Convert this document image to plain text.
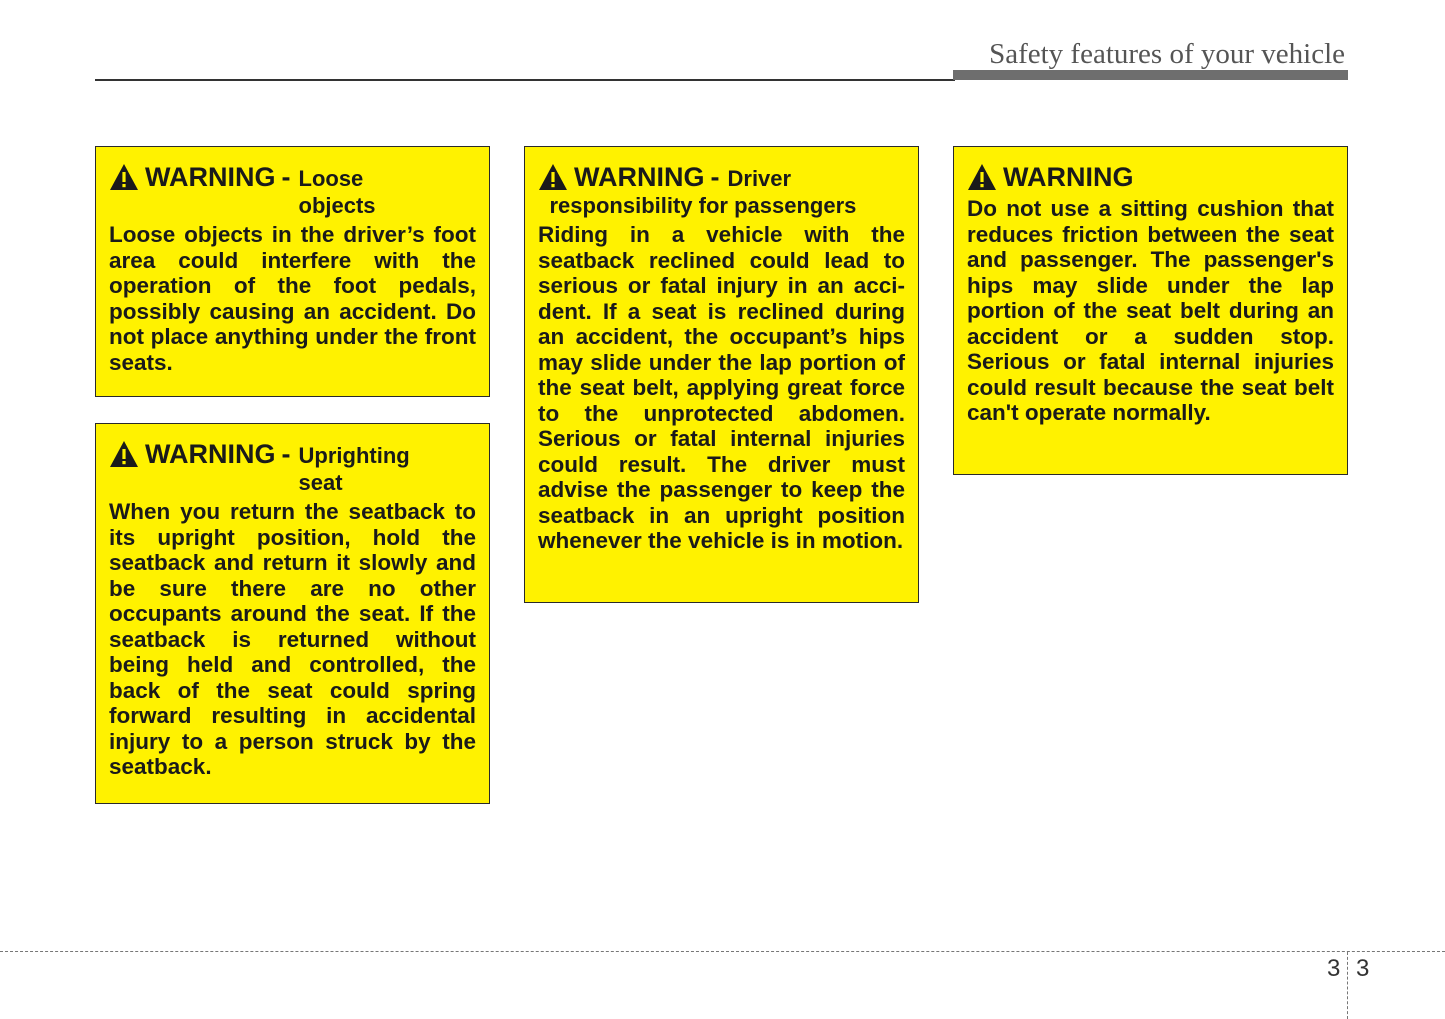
Safety features of your vehicle
WARNING - Loose
objects
Loose objects in the driver’s foot area could interfere with the operation of the foot pedals, possibly causing an accident. Do not place anything under the front seats.
WARNING - Uprighting
seat
When you return the seatback to its upright position, hold the seatback and return it slowly and be sure there are no other occupants around the seat. If the seatback is returned without being held and controlled, the back of the seat could spring forward resulting in accidental injury to a person struck by the seatback.
WARNING - Driver
responsibility for passengers
Riding in a vehicle with the seatback reclined could lead to serious or fatal injury in an accident. If a seat is reclined during an accident, the occupant’s hips may slide under the lap portion of the seat belt, applying great force to the unprotected abdomen. Serious or fatal internal injuries could result. The driver must advise the passenger to keep the seatback in an upright position whenever the vehicle is in motion.
WARNING
Do not use a sitting cushion that reduces friction between the seat and passenger. The passenger's hips may slide under the lap portion of the seat belt during an accident or a sudden stop. Serious or fatal internal injuries could result because the seat belt can't operate normally.
3 3
